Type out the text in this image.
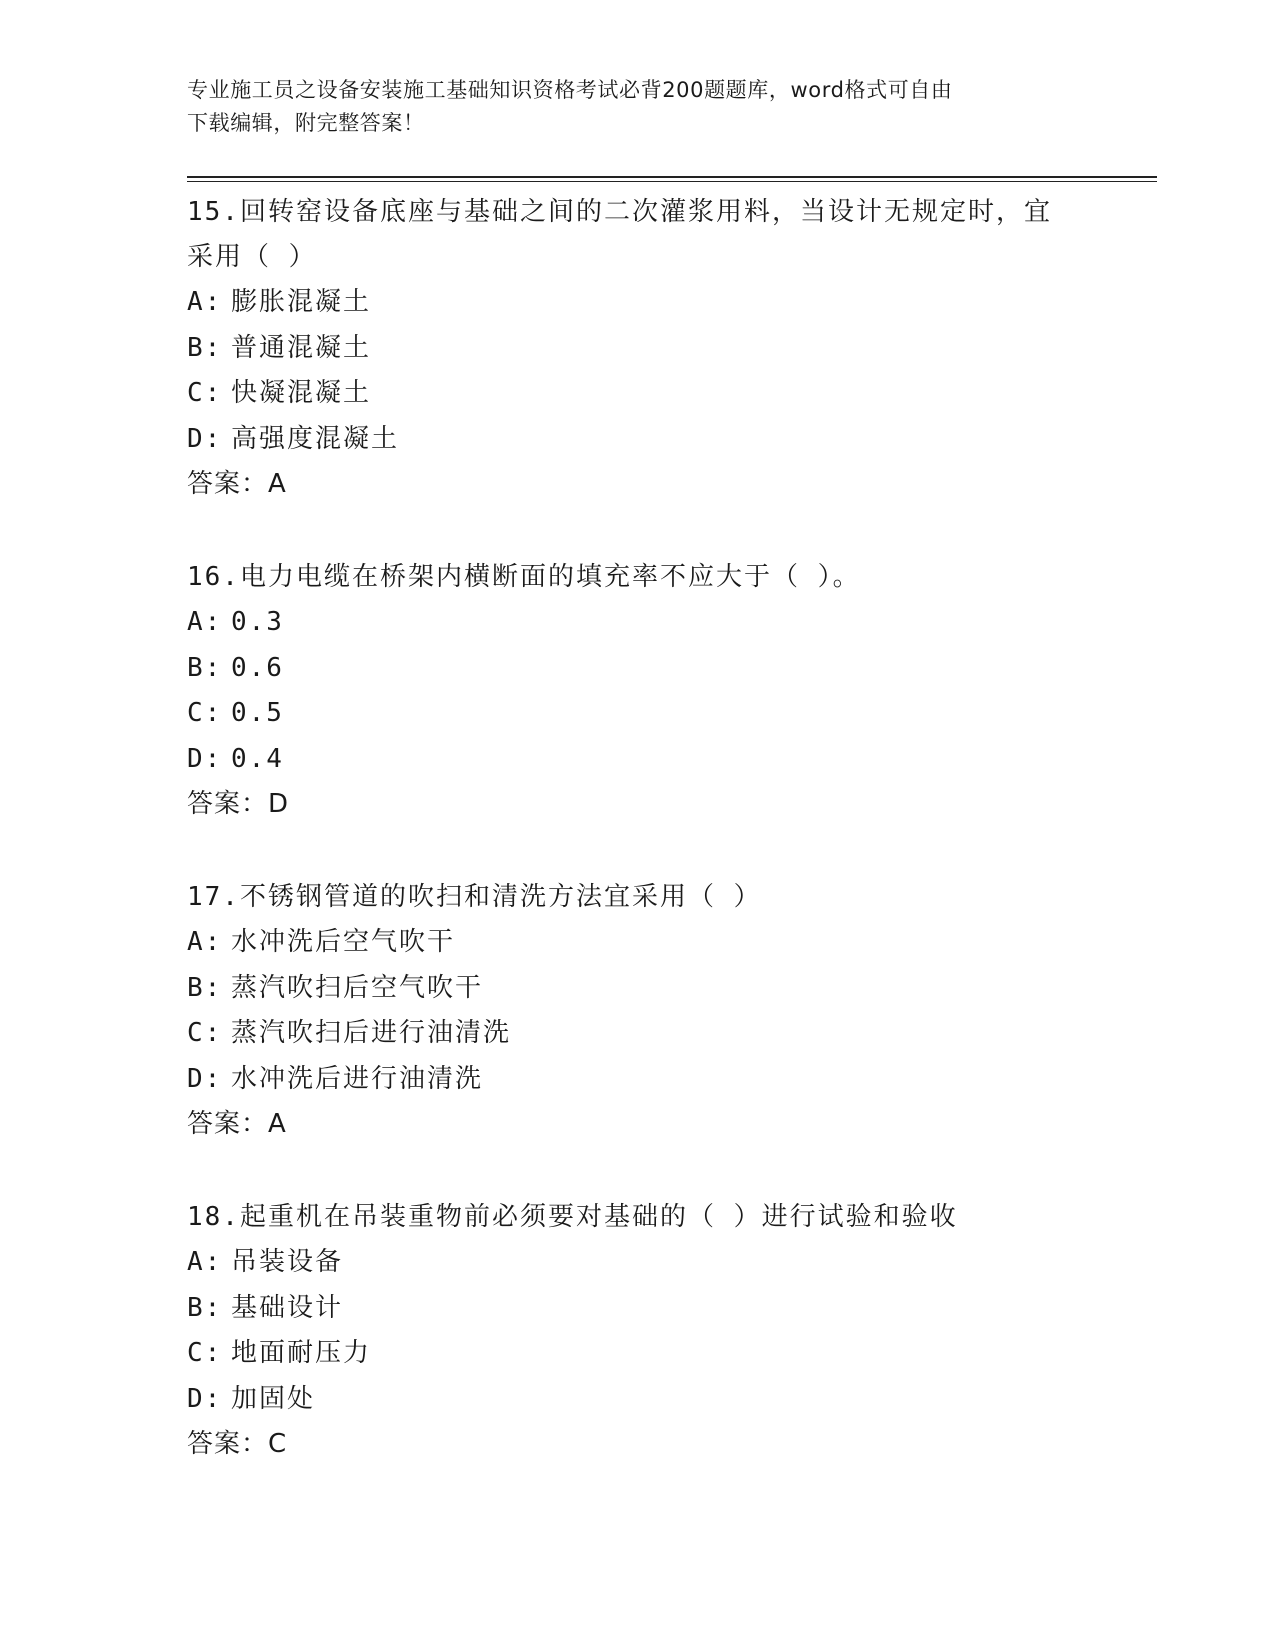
专业施工员之设备安装施工基础知识资格考试必背200题题库，word格式可自由
下载编辑，附完整答案！

15.回转窑设备底座与基础之间的二次灌浆用料，当设计无规定时，宜采用（ ）

A: 膨胀混凝土

B: 普通混凝土

C: 快凝混凝土

D: 高强度混凝土

答案：A

16.电力电缆在桥架内横断面的填充率不应大于（ ）。

A: 0.3

B: 0.6

C: 0.5

D: 0.4

答案：D

17.不锈钢管道的吹扫和清洗方法宜采用（ ）

A: 水冲洗后空气吹干

B: 蒸汽吹扫后空气吹干

C: 蒸汽吹扫后进行油清洗

D: 水冲洗后进行油清洗

答案：A

18.起重机在吊装重物前必须要对基础的（ ）进行试验和验收

A: 吊装设备

B: 基础设计

C: 地面耐压力

D: 加固处

答案：C
